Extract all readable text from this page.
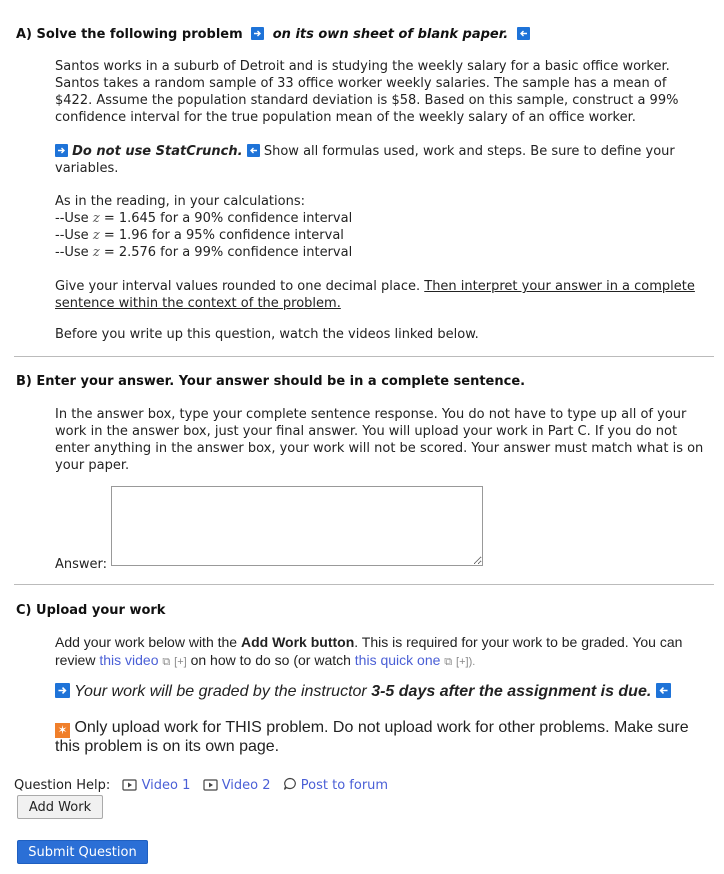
A) Solve the following problem on its own sheet of blank paper.
Santos works in a suburb of Detroit and is studying the weekly salary for a basic office worker. Santos takes a random sample of 33 office worker weekly salaries. The sample has a mean of $422. Assume the population standard deviation is $58. Based on this sample, construct a 99% confidence interval for the true population mean of the weekly salary of an office worker.
Do not use StatCrunch. Show all formulas used, work and steps. Be sure to define your variables.
As in the reading, in your calculations:
--Use z = 1.645 for a 90% confidence interval
--Use z = 1.96 for a 95% confidence interval
--Use z = 2.576 for a 99% confidence interval
Give your interval values rounded to one decimal place. Then interpret your answer in a complete sentence within the context of the problem.
Before you write up this question, watch the videos linked below.
B) Enter your answer. Your answer should be in a complete sentence.
In the answer box, type your complete sentence response. You do not have to type up all of your work in the answer box, just your final answer. You will upload your work in Part C. If you do not enter anything in the answer box, your work will not be scored. Your answer must match what is on your paper.
Answer:
C) Upload your work
Add your work below with the Add Work button. This is required for your work to be graded. You can review this video ⧉ [+] on how to do so (or watch this quick one ⧉ [+]).
Your work will be graded by the instructor 3-5 days after the assignment is due.
✶ Only upload work for THIS problem. Do not upload work for other problems. Make sure this problem is on its own page.
Question Help: Video 1 Video 2 Post to forum
Add Work
Submit Question
